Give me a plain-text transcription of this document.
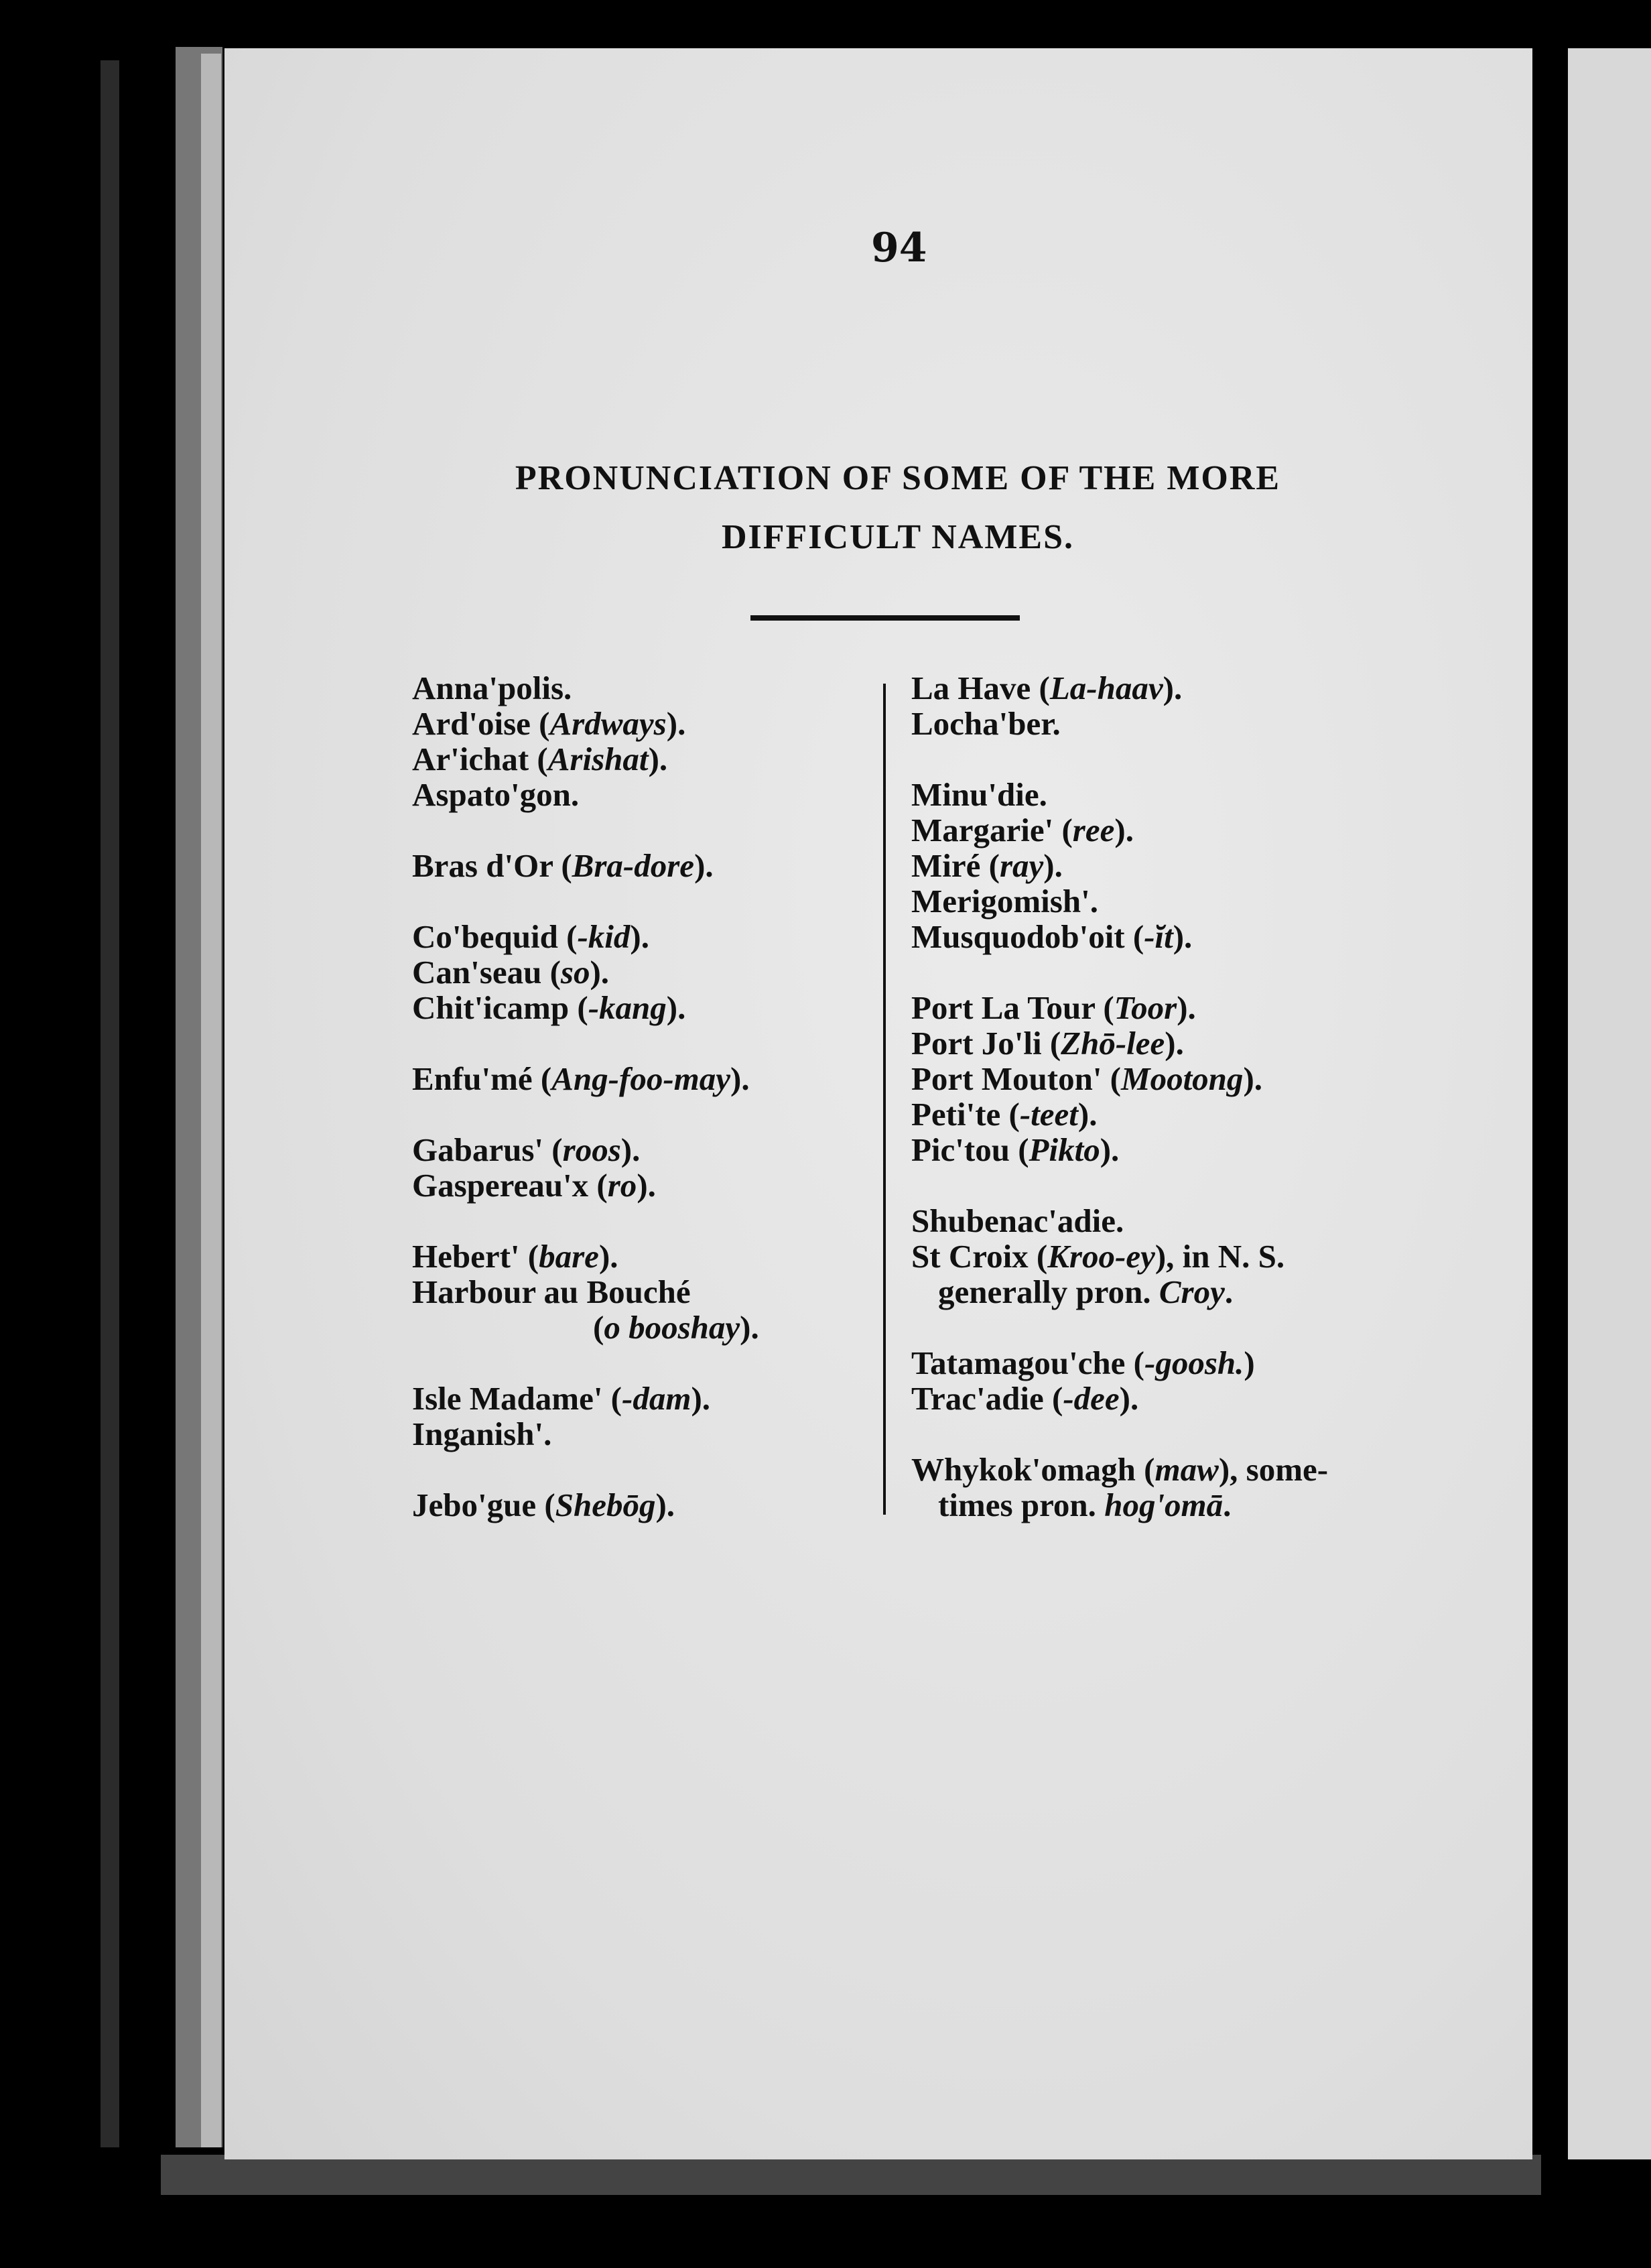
94
PRONUNCIATION OF SOME OF THE MORE
DIFFICULT NAMES.
Anna'polis.
Ard'oise (Ardways).
Ar'ichat (Arishat).
Aspato'gon.
Bras d'Or (Bra-dore).
Co'bequid (-kid).
Can'seau (so).
Chit'icamp (-kang).
Enfu'mé (Ang-foo-may).
Gabarus' (roos).
Gaspereau'x (ro).
Hebert' (bare).
Harbour au Bouché
(o booshay).
Isle Madame' (-dam).
Inganish'.
Jebo'gue (Shebōg).
La Have (La-haav).
Locha'ber.
Minu'die.
Margarie' (ree).
Miré (ray).
Merigomish'.
Musquodob'oit (-ĭt).
Port La Tour (Toor).
Port Jo'li (Zhō-lee).
Port Mouton' (Mootong).
Peti'te (-teet).
Pic'tou (Pikto).
Shubenac'adie.
St Croix (Kroo-ey), in N. S.
generally pron. Croy.
Tatamagou'che (-goosh.)
Trac'adie (-dee).
Whykok'omagh (maw), some-
times pron. hog'omā.
